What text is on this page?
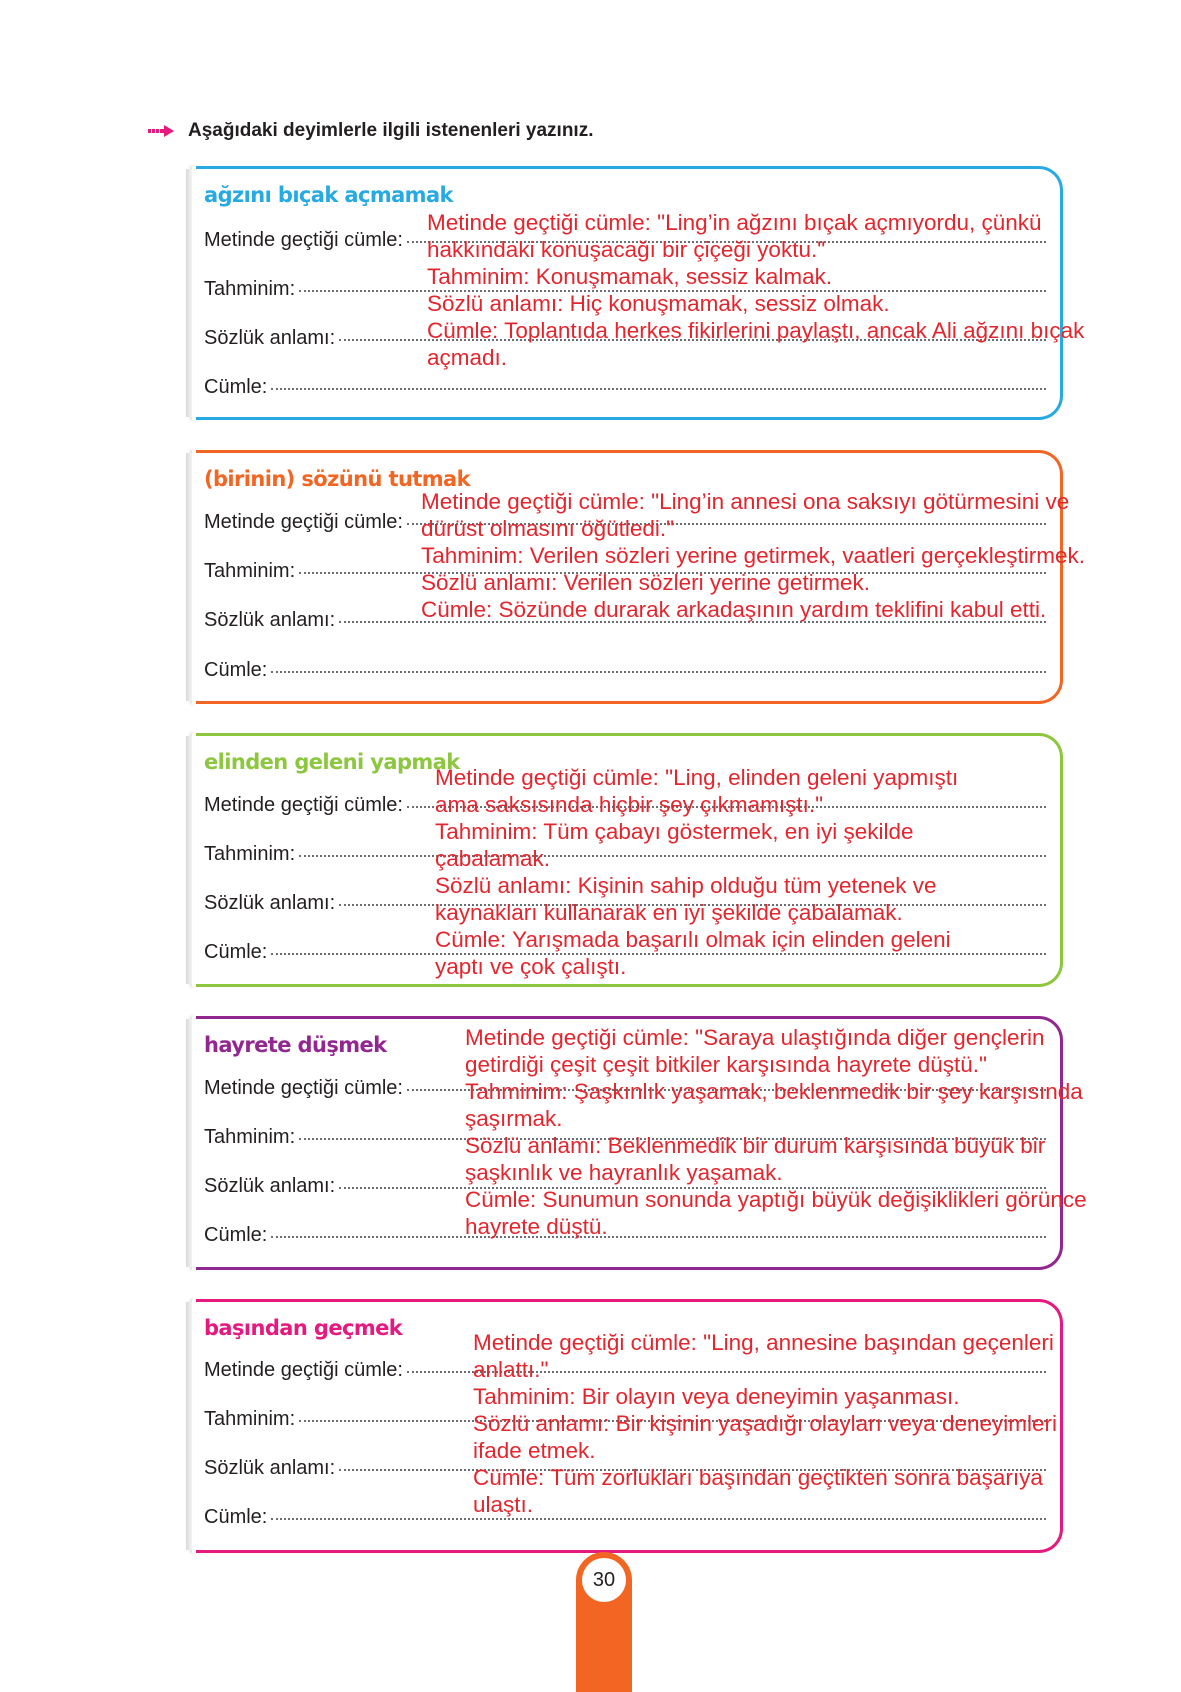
Aşağıdaki deyimlerle ilgili istenenleri yazınız.
ağzını bıçak açmamak
Metinde geçtiği cümle:
Tahminim:
Sözlük anlamı:
Cümle:
Metinde geçtiği cümle: "Ling’in ağzını bıçak açmıyordu, çünkü
hakkındaki konuşacağı bir çiçeği yoktu."
Tahminim: Konuşmamak, sessiz kalmak.
Sözlü anlamı: Hiç konuşmamak, sessiz olmak.
Cümle: Toplantıda herkes fikirlerini paylaştı, ancak Ali ağzını bıçak
açmadı.
(birinin) sözünü tutmak
Metinde geçtiği cümle:
Tahminim:
Sözlük anlamı:
Cümle:
Metinde geçtiği cümle: "Ling’in annesi ona saksıyı götürmesini ve
dürüst olmasını öğütledi."
Tahminim: Verilen sözleri yerine getirmek, vaatleri gerçekleştirmek.
Sözlü anlamı: Verilen sözleri yerine getirmek.
Cümle: Sözünde durarak arkadaşının yardım teklifini kabul etti.
elinden geleni yapmak
Metinde geçtiği cümle:
Tahminim:
Sözlük anlamı:
Cümle:
Metinde geçtiği cümle: "Ling, elinden geleni yapmıştı
ama saksısında hiçbir şey çıkmamıştı."
Tahminim: Tüm çabayı göstermek, en iyi şekilde
çabalamak.
Sözlü anlamı: Kişinin sahip olduğu tüm yetenek ve
kaynakları kullanarak en iyi şekilde çabalamak.
Cümle: Yarışmada başarılı olmak için elinden geleni
yaptı ve çok çalıştı.
hayrete düşmek
Metinde geçtiği cümle:
Tahminim:
Sözlük anlamı:
Cümle:
Metinde geçtiği cümle: "Saraya ulaştığında diğer gençlerin
getirdiği çeşit çeşit bitkiler karşısında hayrete düştü."
Tahminim: Şaşkınlık yaşamak, beklenmedik bir şey karşısında
şaşırmak.
Sözlü anlamı: Beklenmedik bir durum karşısında büyük bir
şaşkınlık ve hayranlık yaşamak.
Cümle: Sunumun sonunda yaptığı büyük değişiklikleri görünce
hayrete düştü.
başından geçmek
Metinde geçtiği cümle:
Tahminim:
Sözlük anlamı:
Cümle:
Metinde geçtiği cümle: "Ling, annesine başından geçenleri
anlattı."
Tahminim: Bir olayın veya deneyimin yaşanması.
Sözlü anlamı: Bir kişinin yaşadığı olayları veya deneyimleri
ifade etmek.
Cümle: Tüm zorlukları başından geçtikten sonra başarıya
ulaştı.
30
